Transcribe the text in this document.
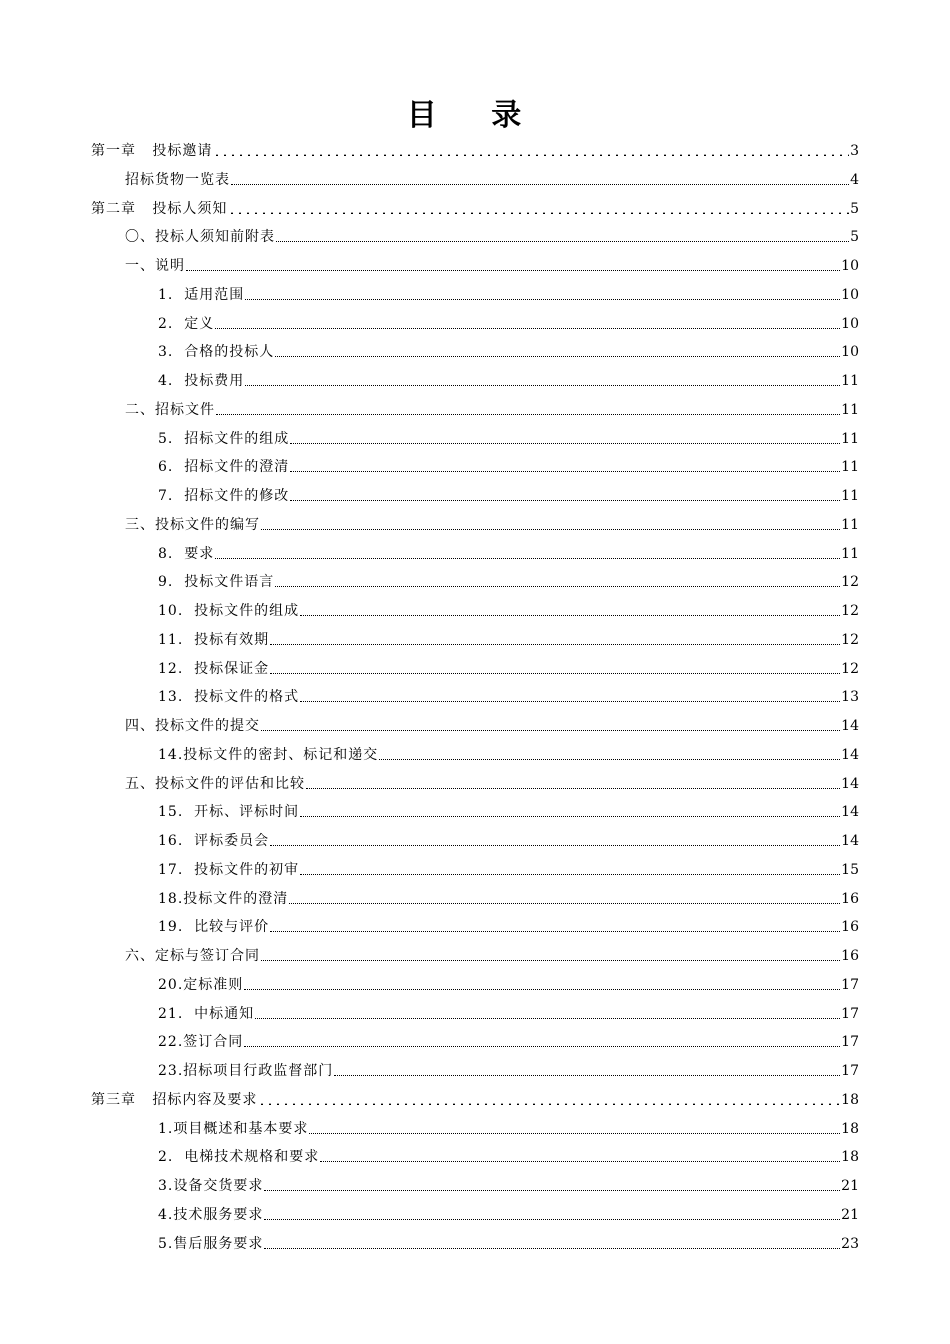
目 录
第一章   投标邀请	3
招标货物一览表	4
第二章   投标人须知	5
〇、投标人须知前附表	5
一、说明	10
1.  适用范围	10
2.  定义	10
3.  合格的投标人	10
4.  投标费用	11
二、招标文件	11
5.  招标文件的组成	11
6.  招标文件的澄清	11
7.  招标文件的修改	11
三、投标文件的编写	11
8.  要求	11
9.  投标文件语言	12
10.  投标文件的组成	12
11.  投标有效期	12
12.  投标保证金	12
13.  投标文件的格式	13
四、投标文件的提交	14
14.投标文件的密封、标记和递交	14
五、投标文件的评估和比较	14
15.  开标、评标时间	14
16.  评标委员会	14
17.  投标文件的初审	15
18.投标文件的澄清	16
19.  比较与评价	16
六、定标与签订合同	16
20.定标准则	17
21.  中标通知	17
22.签订合同	17
23.招标项目行政监督部门	17
第三章   招标内容及要求	18
1.项目概述和基本要求	18
2.  电梯技术规格和要求	18
3.设备交货要求	21
4.技术服务要求	21
5.售后服务要求	23
